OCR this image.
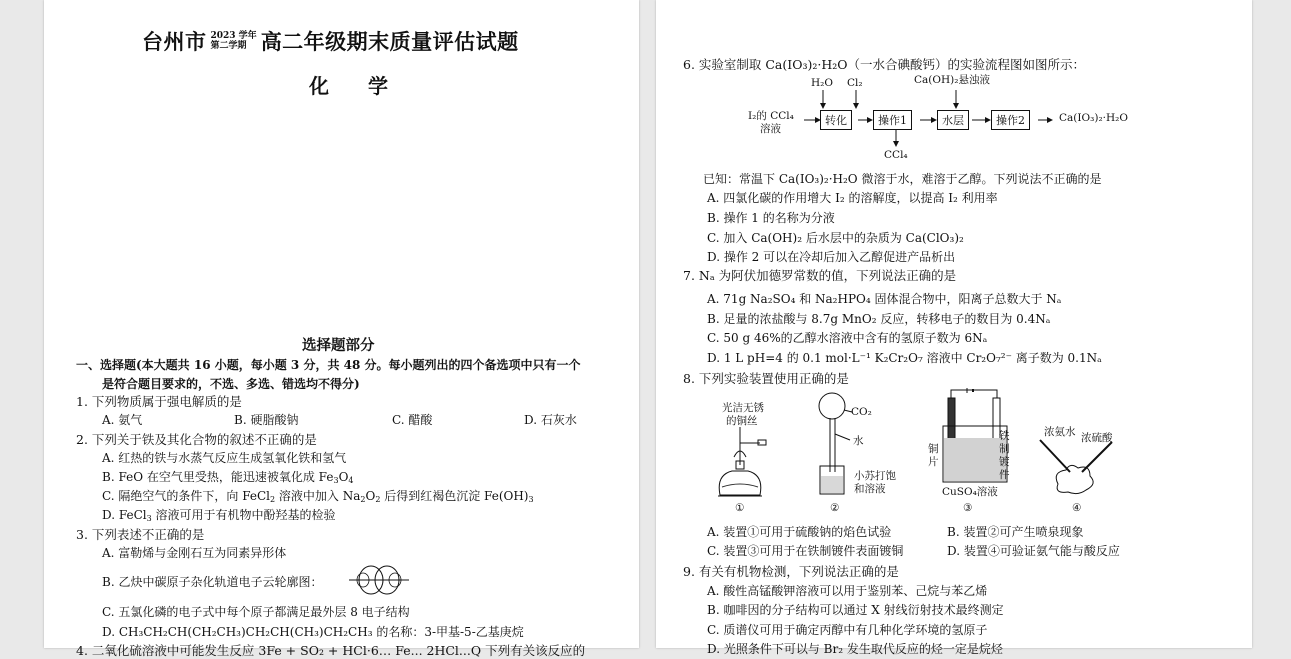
台州市 2023 学年
第二学期 高二年级期末质量评估试题
化 学
选择题部分
一、选择题(本大题共 16 小题，每小题 3 分，共 48 分。每小题列出的四个备选项中只有一个
是符合题目要求的，不选、多选、错选均不得分)
1. 下列物质属于强电解质的是
A. 氨气	B. 硬脂酸钠	C. 醋酸	D. 石灰水
2. 下列关于铁及其化合物的叙述不正确的是
A. 红热的铁与水蒸气反应生成氢氧化铁和氢气
B. FeO 在空气里受热，能迅速被氧化成 $Fe_3O_4$
C. 隔绝空气的条件下，向 FeCl$_2$ 溶液中加入 $Na_2O_2$ 后得到红褐色沉淀 $Fe(OH)_3$
D. FeCl$_3$ 溶液可用于有机物中酚羟基的检验
3. 下列表述不正确的是
A. 富勒烯与金刚石互为同素异形体
B. 乙炔中碳原子杂化轨道电子云轮廓图：
C. 五氯化磷的电子式中每个原子都满足最外层 8 电子结构
D. CH₃CH₂CH(CH₂CH₃)CH₂CH(CH₃)CH₂CH₃ 的名称：3-甲基-5-乙基庚烷
4. 二氧化硫溶液中可能发生反应 3Fe + SO₂ + HCl·6… Fe... 2HCl...Q 下列有关该反应的
6. 实验室制取 Ca(IO₃)₂·H₂O（一水合碘酸钙）的实验流程图如图所示：
H₂O Cl₂	Ca(OH)₂悬浊液
I₂的 CCl₄
溶液
转化	操作1	水层	操作2	Ca(IO₃)₂·H₂O
CCl₄
已知：常温下 Ca(IO₃)₂·H₂O 微溶于水，难溶于乙醇。下列说法不正确的是
A. 四氯化碳的作用增大 I₂ 的溶解度，以提高 I₂ 利用率
B. 操作 1 的名称为分液
C. 加入 Ca(OH)₂ 后水层中的杂质为 Ca(ClO₃)₂
D. 操作 2 可以在冷却后加入乙醇促进产品析出
7. Nₐ 为阿伏加德罗常数的值，下列说法正确的是
A. 71g Na₂SO₄ 和 Na₂HPO₄ 固体混合物中，阳离子总数大于 Nₐ
B. 足量的浓盐酸与 8.7g MnO₂ 反应，转移电子的数目为 0.4Nₐ
C. 50 g 46%的乙醇水溶液中含有的氢原子数为 6Nₐ
D. 1 L pH=4 的 0.1 mol·L⁻¹ K₂Cr₂O₇ 溶液中 Cr₂O₇²⁻ 离子数为 0.1Nₐ
8. 下列实验装置使用正确的是
光洁无锈
的铜丝
CO₂
水
小苏打饱
和溶液
铜
片
铁
制
镀
件
CuSO₄溶液
浓氨水 浓硫酸
①	②	③	④
A. 装置①可用于硫酸钠的焰色试验	B. 装置②可产生喷泉现象
C. 装置③可用于在铁制镀件表面镀铜	D. 装置④可验证氨气能与酸反应
9. 有关有机物检测，下列说法正确的是
A. 酸性高锰酸钾溶液可以用于鉴别苯、己烷与苯乙烯
B. 咖啡因的分子结构可以通过 X 射线衍射技术最终测定
C. 质谱仪可用于确定丙醇中有几种化学环境的氢原子
D. 光照条件下可以与 Br₂ 发生取代反应的烃一定是烷烃
